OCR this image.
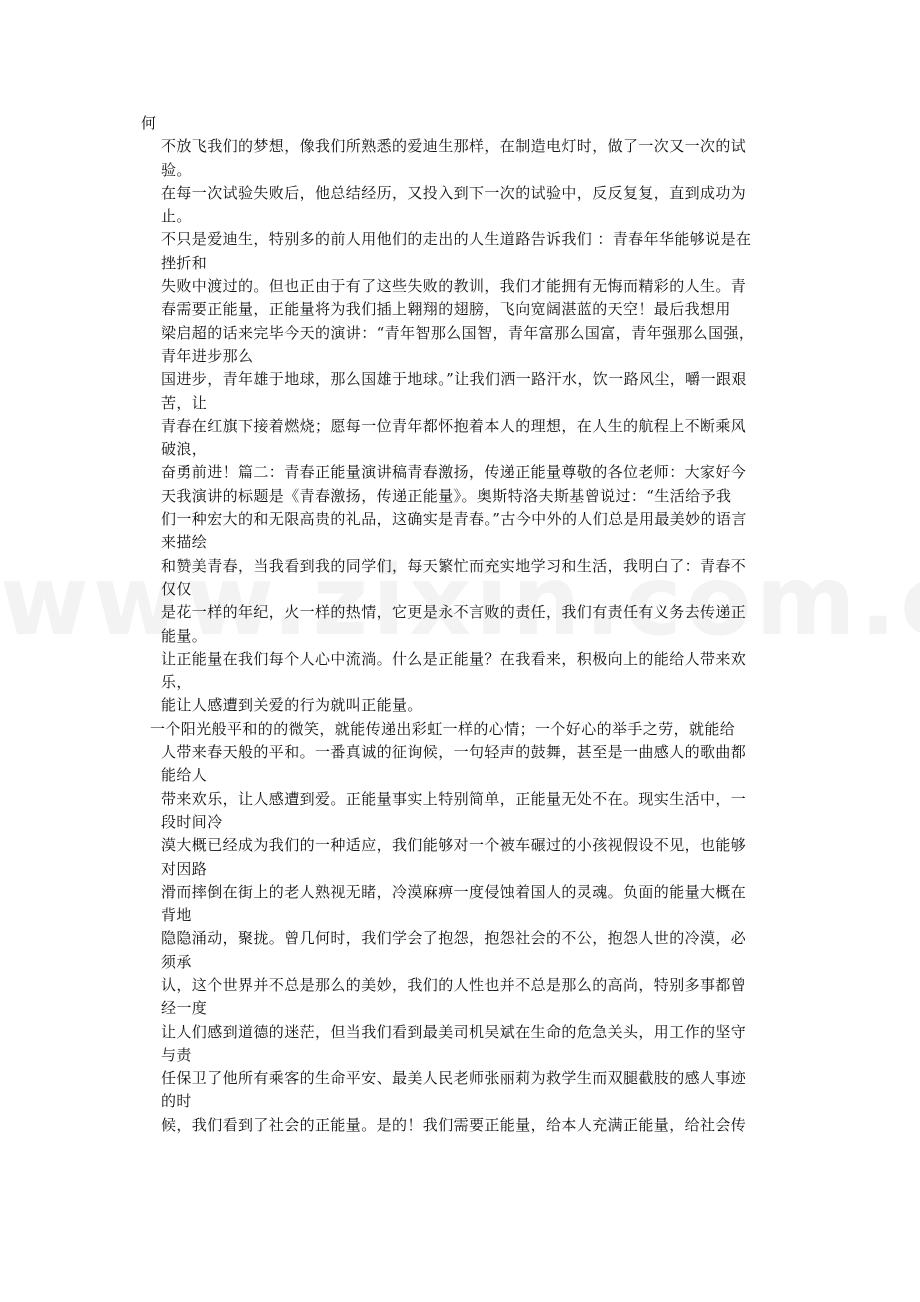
何
不放飞我们的梦想，像我们所熟悉的爱迪生那样，在制造电灯时，做了一次又一次的试
验。
在每一次试验失败后，他总结经历，又投入到下一次的试验中，反反复复，直到成功为
止。
不只是爱迪生，特别多的前人用他们的走出的人生道路告诉我们 ：青春年华能够说是在
挫折和
失败中渡过的。但也正由于有了这些失败的教训，我们才能拥有无悔而精彩的人生。青
春需要正能量，正能量将为我们插上翱翔的翅膀，飞向宽阔湛蓝的天空！最后我想用
梁启超的话来完毕今天的演讲：“青年智那么国智，青年富那么国富，青年强那么国强，
青年进步那么
国进步，青年雄于地球，那么国雄于地球。”让我们洒一路汗水，饮一路风尘，嚼一跟艰
苦，让
青春在红旗下接着燃烧；愿每一位青年都怀抱着本人的理想，在人生的航程上不断乘风
破浪，
奋勇前进！篇二：青春正能量演讲稿青春激扬，传递正能量尊敬的各位老师：大家好今
天我演讲的标题是《青春激扬，传递正能量》。奥斯特洛夫斯基曾说过：“生活给予我
们一种宏大的和无限高贵的礼品，这确实是青春。”古今中外的人们总是用最美妙的语言
来描绘
和赞美青春，当我看到我的同学们，每天繁忙而充实地学习和生活，我明白了：青春不
仅仅
是花一样的年纪，火一样的热情，它更是永不言败的责任，我们有责任有义务去传递正
能量。
让正能量在我们每个人心中流淌。什么是正能量？在我看来，积极向上的能给人带来欢
乐，
能让人感遭到关爱的行为就叫正能量。
一个阳光般平和的的微笑，就能传递出彩虹一样的心情；一个好心的举手之劳，就能给
人带来春天般的平和。一番真诚的征询候，一句轻声的鼓舞，甚至是一曲感人的歌曲都
能给人
带来欢乐，让人感遭到爱。正能量事实上特别简单，正能量无处不在。现实生活中，一
段时间冷
漠大概已经成为我们的一种适应，我们能够对一个被车碾过的小孩视假设不见，也能够
对因路
滑而摔倒在街上的老人熟视无睹，冷漠麻痹一度侵蚀着国人的灵魂。负面的能量大概在
背地
隐隐涌动，聚拢。曾几何时，我们学会了抱怨，抱怨社会的不公，抱怨人世的冷漠，必
须承
认，这个世界并不总是那么的美妙，我们的人性也并不总是那么的高尚，特别多事都曾
经一度
让人们感到道德的迷茫，但当我们看到最美司机吴斌在生命的危急关头，用工作的坚守
与责
任保卫了他所有乘客的生命平安、最美人民老师张丽莉为救学生而双腿截肢的感人事迹
的时
候，我们看到了社会的正能量。是的！我们需要正能量，给本人充满正能量，给社会传
